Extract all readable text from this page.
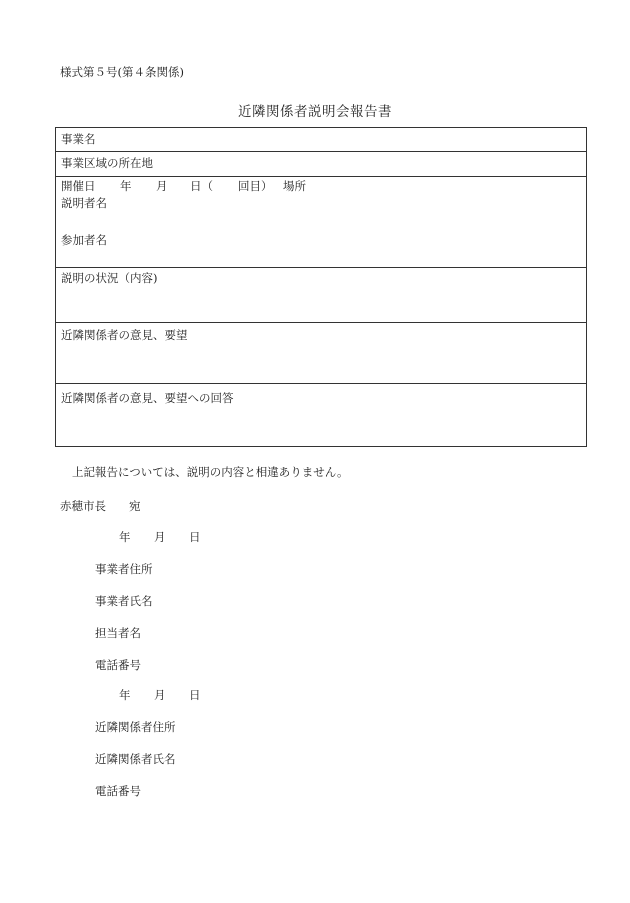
様式第５号(第４条関係)
近隣関係者説明会報告書
事業名
事業区域の所在地
開催日 年 月 日（ 回目） 場所
説明者名
参加者名
説明の状況（内容)
近隣関係者の意見、要望
近隣関係者の意見、要望への回答
上記報告については、説明の内容と相違ありません。
赤穂市長　　宛
年 月 日
事業者住所
事業者氏名
担当者名
電話番号
年 月 日
近隣関係者住所
近隣関係者氏名
電話番号
